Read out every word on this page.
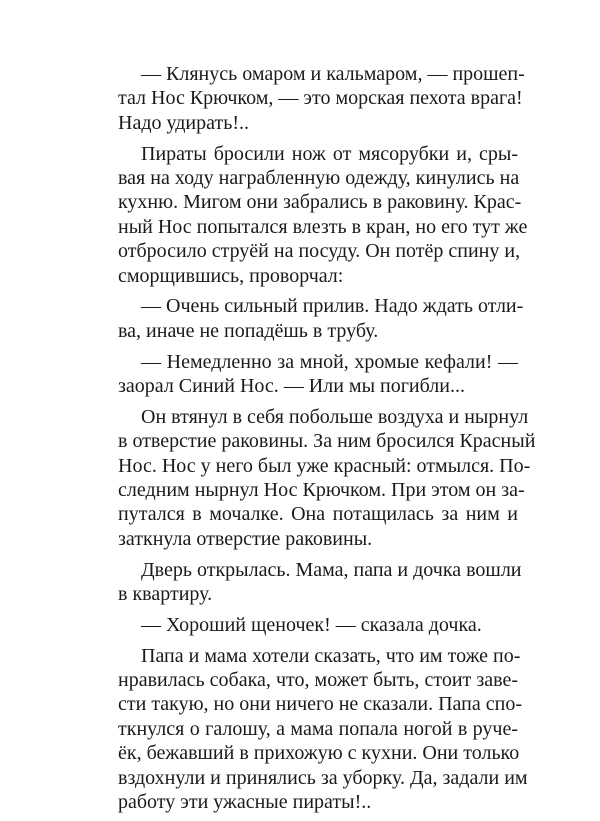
— Клянусь омаром и кальмаром, — прошеп-
тал Нос Крючком, — это морская пехота врага!
Надо удирать!..
Пираты бросили нож от мясорубки и, сры-
вая на ходу награбленную одежду, кинулись на
кухню. Мигом они забрались в раковину. Крас-
ный Нос попытался влезть в кран, но его тут же
отбросило струёй на посуду. Он потёр спину и,
сморщившись, проворчал:
— Очень сильный прилив. Надо ждать отли-
ва, иначе не попадёшь в трубу.
— Немедленно за мной, хромые кефали! —
заорал Синий Нос. — Или мы погибли...
Он втянул в себя побольше воздуха и нырнул
в отверстие раковины. За ним бросился Красный
Нос. Нос у него был уже красный: отмылся. По-
следним нырнул Нос Крючком. При этом он за-
путался в мочалке. Она потащилась за ним и
заткнула отверстие раковины.
Дверь открылась. Мама, папа и дочка вошли
в квартиру.
— Хороший щеночек! — сказала дочка.
Папа и мама хотели сказать, что им тоже по-
нравилась собака, что, может быть, стоит заве-
сти такую, но они ничего не сказали. Папа спо-
ткнулся о галошу, а мама попала ногой в руче-
ёк, бежавший в прихожую с кухни. Они только
вздохнули и принялись за уборку. Да, задали им
работу эти ужасные пираты!..
